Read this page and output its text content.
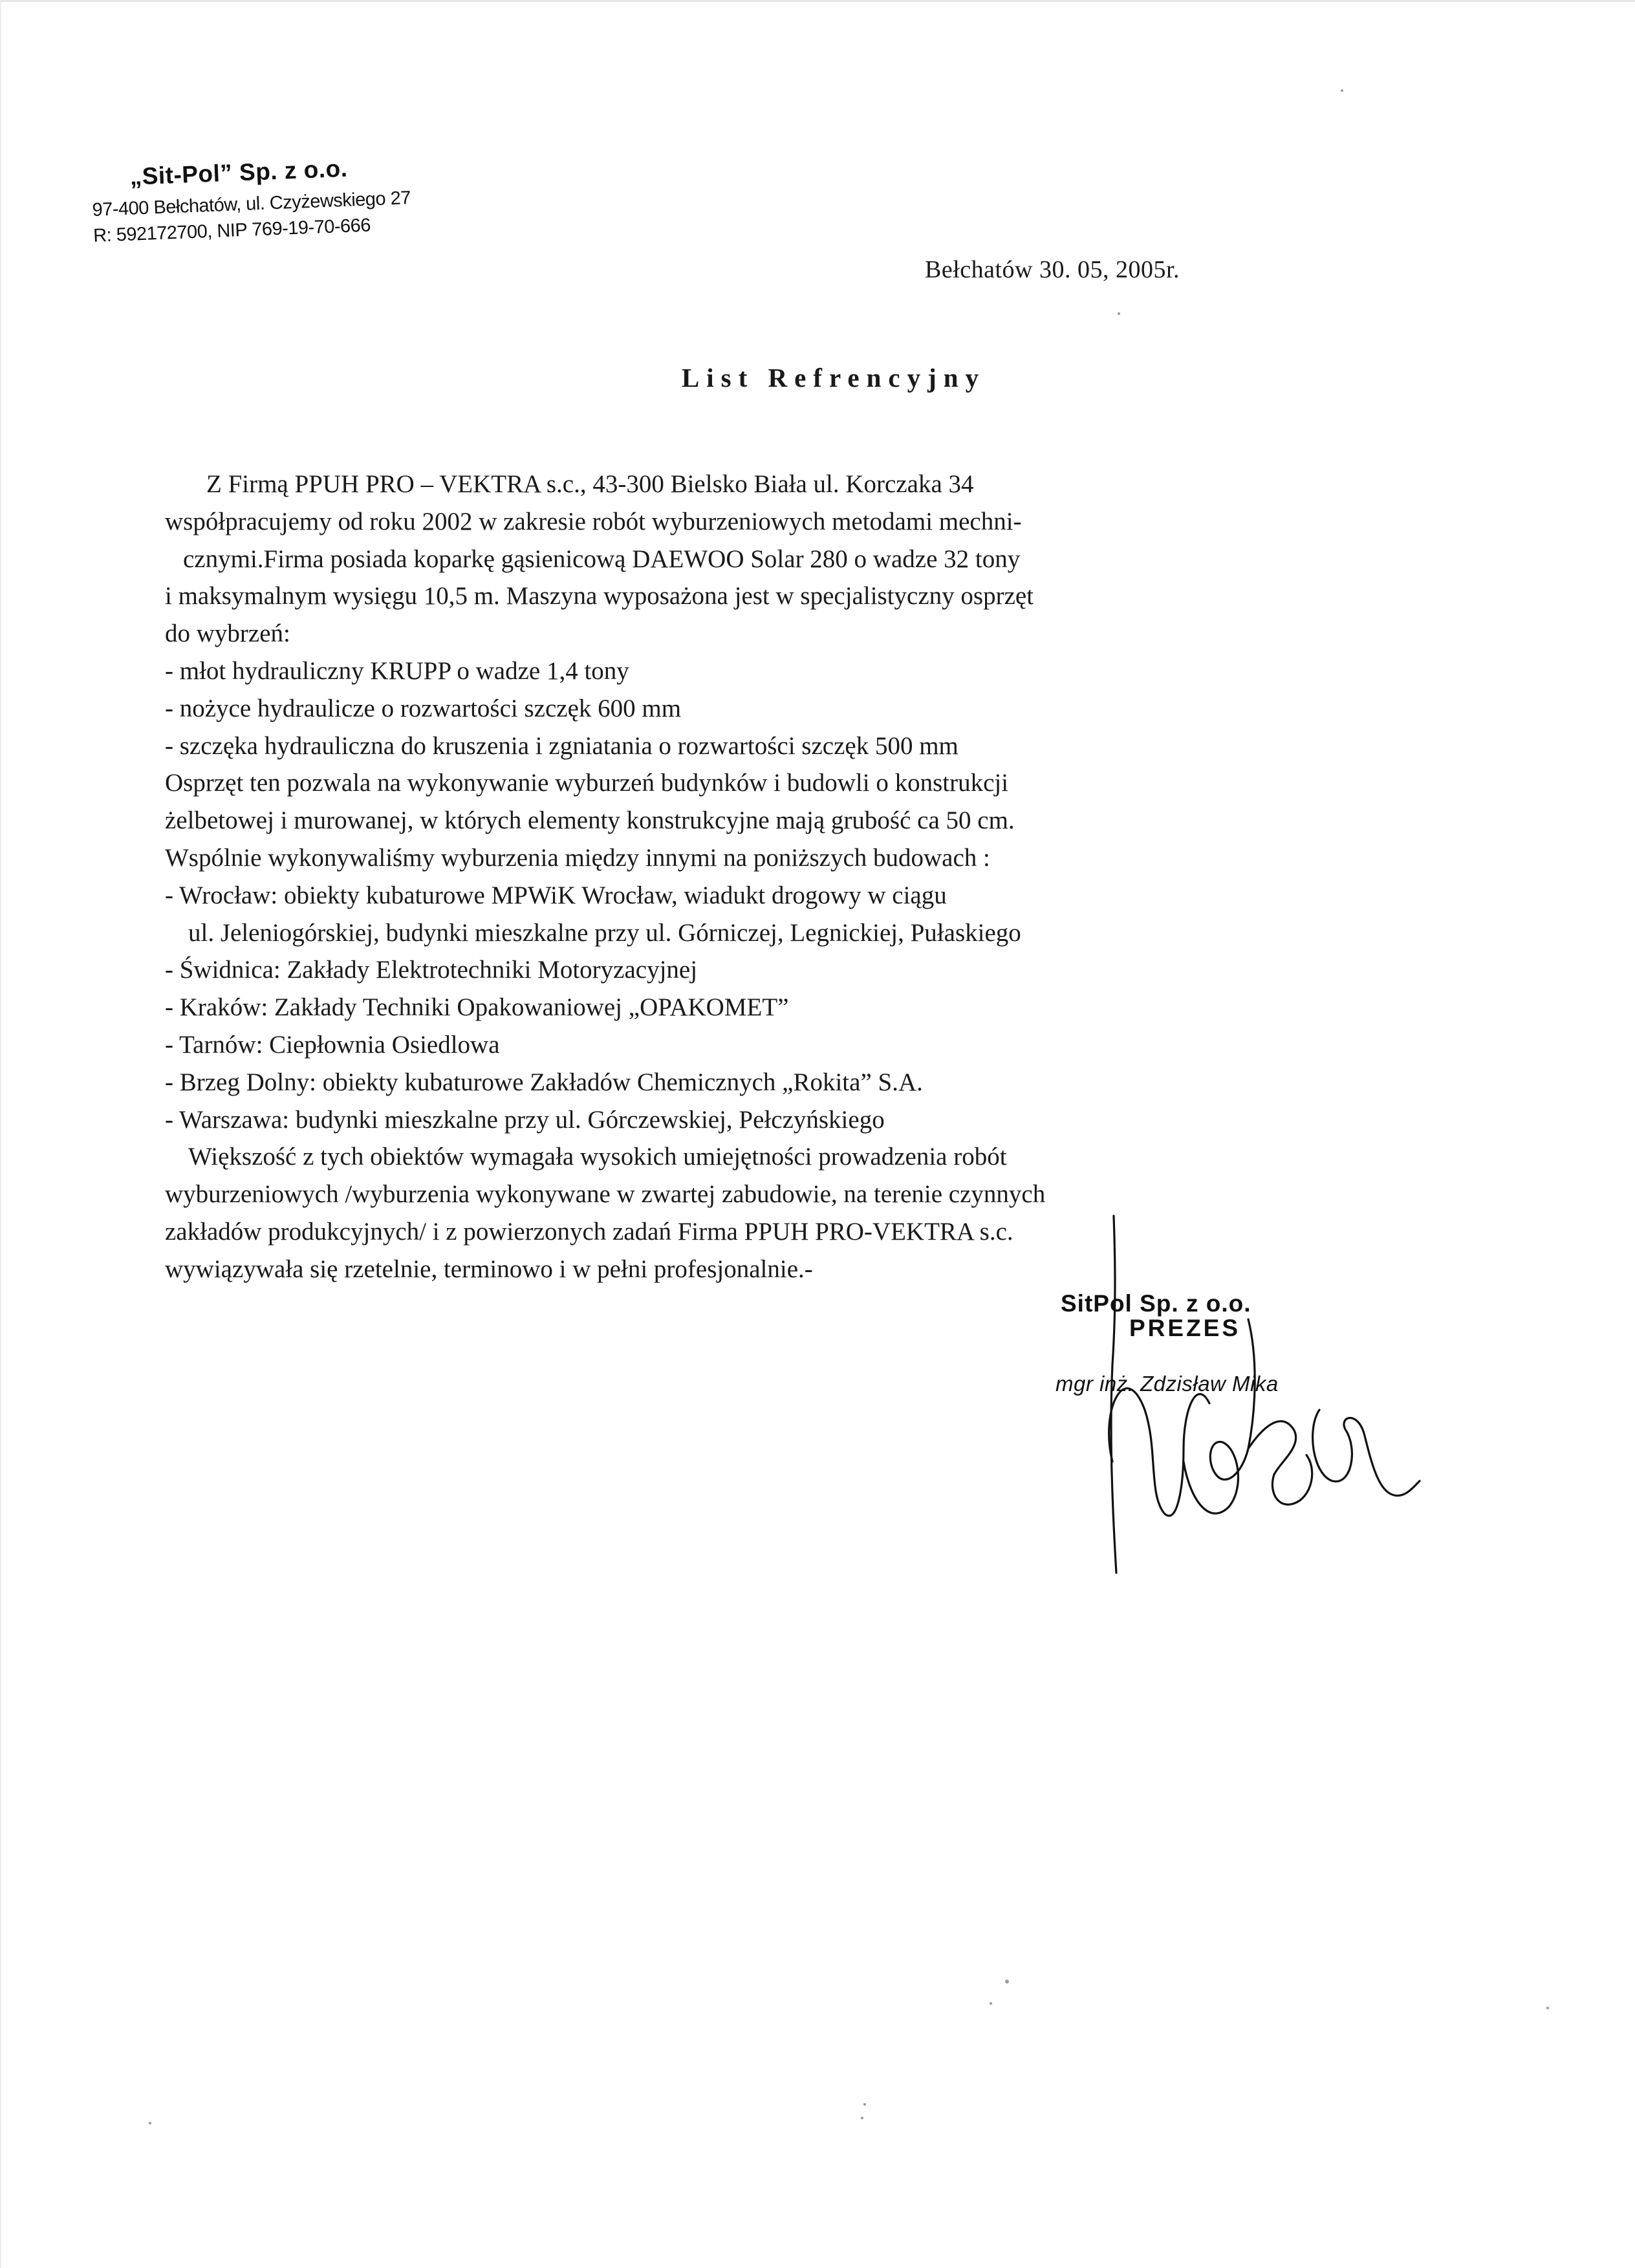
„Sit-Pol” Sp. z o.o.
97-400 Bełchatów, ul. Czyżewskiego 27
R: 592172700, NIP 769-19-70-666
Bełchatów 30. 05, 2005r.
List Refrencyjny
Z Firmą PPUH PRO – VEKTRA s.c., 43-300 Bielsko Biała ul. Korczaka 34
współpracujemy od roku 2002 w zakresie robót wyburzeniowych metodami mechni-
cznymi.Firma posiada koparkę gąsienicową DAEWOO Solar 280 o wadze 32 tony
i maksymalnym wysięgu 10,5 m. Maszyna wyposażona jest w specjalistyczny osprzęt
do wybrzeń:
- młot hydrauliczny KRUPP o wadze 1,4 tony
- nożyce hydraulicze o rozwartości szczęk 600 mm
- szczęka hydrauliczna do kruszenia i zgniatania o rozwartości szczęk 500 mm
Osprzęt ten pozwala na wykonywanie wyburzeń budynków i budowli o konstrukcji
żelbetowej i murowanej, w których elementy konstrukcyjne mają grubość ca 50 cm.
Wspólnie wykonywaliśmy wyburzenia między innymi na poniższych budowach :
- Wrocław: obiekty kubaturowe MPWiK Wrocław, wiadukt drogowy w ciągu
ul. Jeleniogórskiej, budynki mieszkalne przy ul. Górniczej, Legnickiej, Pułaskiego
- Świdnica: Zakłady Elektrotechniki Motoryzacyjnej
- Kraków: Zakłady Techniki Opakowaniowej „OPAKOMET”
- Tarnów: Ciepłownia Osiedlowa
- Brzeg Dolny: obiekty kubaturowe Zakładów Chemicznych „Rokita” S.A.
- Warszawa: budynki mieszkalne przy ul. Górczewskiej, Pełczyńskiego
Większość z tych obiektów wymagała wysokich umiejętności prowadzenia robót
wyburzeniowych /wyburzenia wykonywane w zwartej zabudowie, na terenie czynnych
zakładów produkcyjnych/ i z powierzonych zadań Firma PPUH PRO-VEKTRA s.c.
wywiązywała się rzetelnie, terminowo i w pełni profesjonalnie.-
SitPol Sp. z o.o.
PREZES
mgr inż. Zdzisław Mika
